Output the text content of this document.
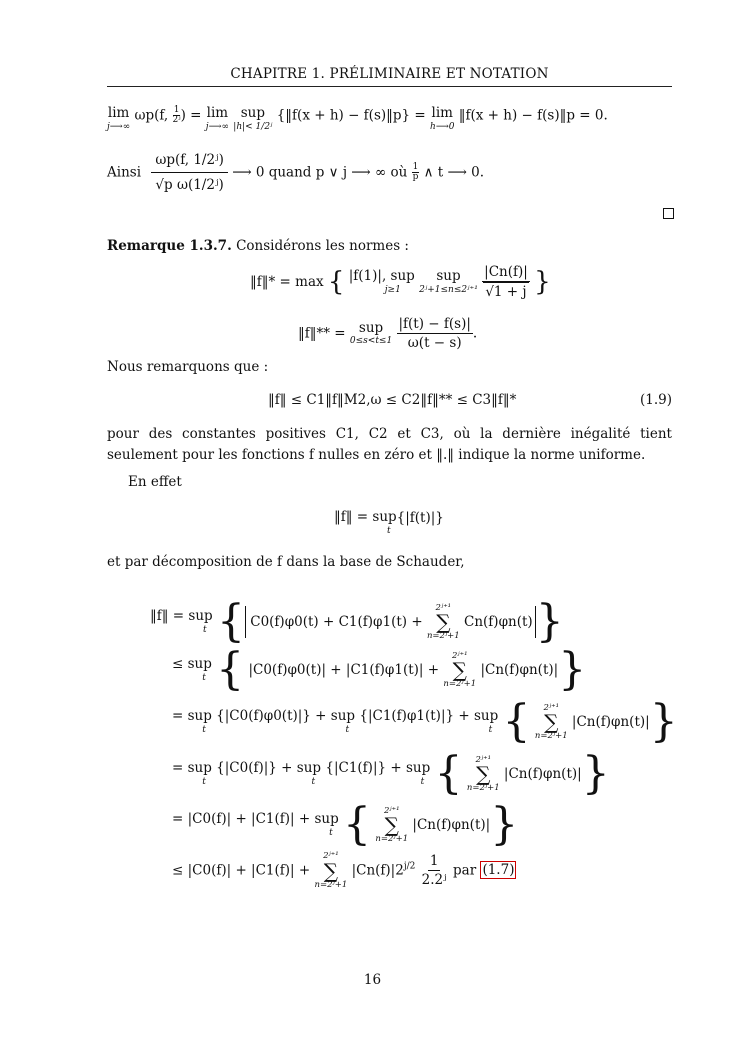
CHAPITRE 1. PRÉLIMINAIRE ET NOTATION
lim
j⟶∞
ωp(f, $\frac{1}{\text{2ʲ}}$ ) = lim
j⟶∞

sup
|h|< 1/2ʲ
{‖f(x + h) − f(s)‖p} = lim
h⟶0
‖f(x + h) − f(s)‖p = 0.
Ainsi $\frac{\text{ωp(f, 1/2ʲ)}}{\text{√p ω(1/2ʲ)}}$ ⟶ 0 quand p ∨ j ⟶ ∞ où $\frac{1}{p}$ ∧ t ⟶ 0.
Remarque 1.3.7. Considérons les normes :
‖f‖* = max { |f(1)|, sup
j≥1

sup
2ʲ+1≤n≤2ʲ⁺¹
$\frac{|Cn(f)|}{√1 + j}$ }
‖f‖** = sup
0≤s<t≤1
$\frac{|f(t) - f(s)|}{\omega(t - s)}$ .
Nous remarquons que :
‖f‖ ≤ C1‖f‖M2,ω ≤ C2‖f‖** ≤ C3‖f‖*	(1.9)
pour des constantes positives C1, C2 et C3, où la dernière inégalité tient seulement pour les fonctions f nulles en zéro et ‖.‖ indique la norme uniforme.
En effet
‖f‖ = sup
t
{|f(t)|}
et par décomposition de f dans la base de Schauder,
‖f‖ = sup
t { C0(f)φ0(t) + C1(f)φ1(t) +
2ʲ⁺¹
∑
n=2ʲ+1
Cn(f)φn(t)}
≤ sup
t { |C0(f)φ0(t)| + |C1(f)φ1(t)| +
2ʲ⁺¹
∑
n=2ʲ+1
|Cn(f)φn(t)|}
= sup
t

{|C0(f)φ0(t)|} + sup
t

{|C1(f)φ1(t)|} + sup
t { 2ʲ⁺¹
∑
n=2ʲ+1
|Cn(f)φn(t)|}
= sup
t

{|C0(f)|} + sup
t

{|C1(f)|} + sup
t { 2ʲ⁺¹
∑
n=2ʲ+1
|Cn(f)φn(t)|}
= |C0(f)| + |C1(f)| + sup
t { 2ʲ⁺¹
∑
n=2ʲ+1
|Cn(f)φn(t)|}
≤ |C0(f)| + |C1(f)| +
2ʲ⁺¹
∑
n=2ʲ+1
$|Cn(f)|2^{j/2} \frac{1}{\text{2.2ʲ}}$ par (1.7)
16
